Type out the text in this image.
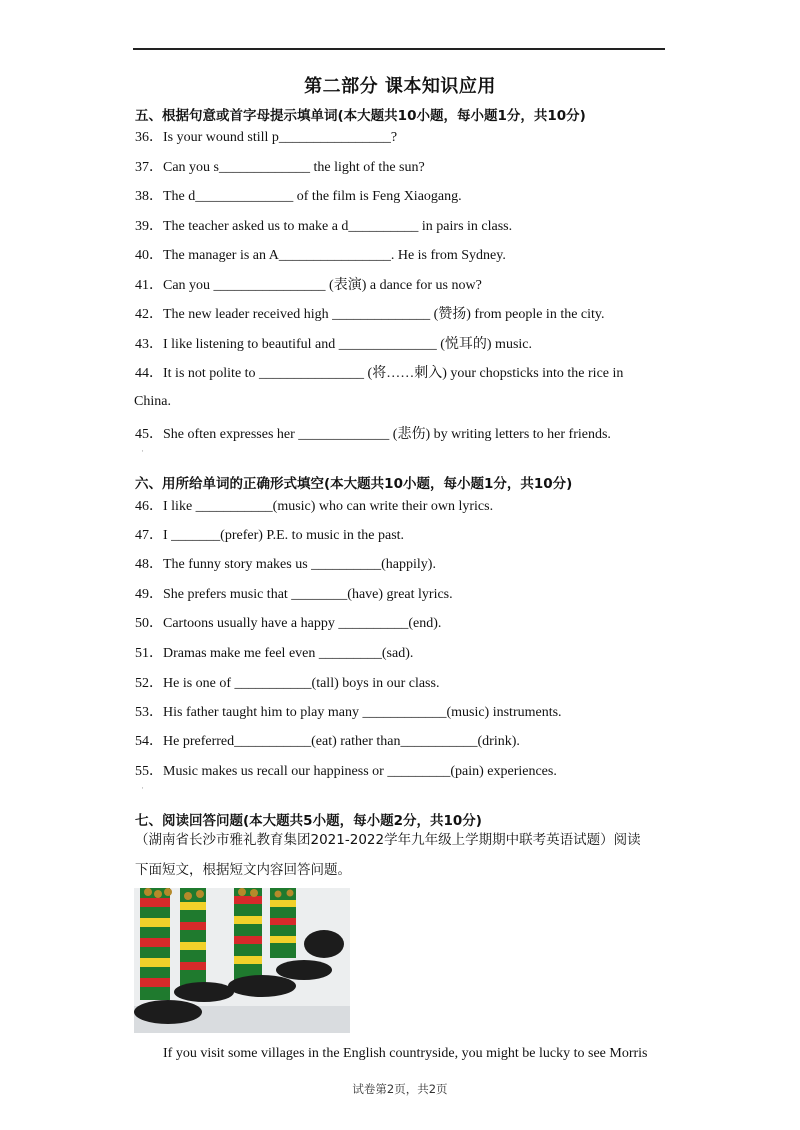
第二部分 课本知识应用
五、根据句意或首字母提示填单词(本大题共10小题，每小题1分，共10分)
36．Is your wound still p________________?
37．Can you s_____________ the light of the sun?
38．The d______________ of the film is Feng Xiaogang.
39．The teacher asked us to make a d__________ in pairs in class.
40．The manager is an A________________. He is from Sydney.
41．Can you ________________ (表演) a dance for us now?
42．The new leader received high ______________ (赞扬) from people in the city.
43．I like listening to beautiful and ______________ (悦耳的) music.
44．It is not polite to _______________ (将……刺入) your chopsticks into the rice in
China.
45．She often expresses her _____________ (悲伤) by writing letters to her friends.
·
六、用所给单词的正确形式填空(本大题共10小题，每小题1分，共10分)
46．I like ___________(music) who can write their own lyrics.
47．I _______(prefer) P.E. to music in the past.
48．The funny story makes us __________(happily).
49．She prefers music that ________(have) great lyrics.
50．Cartoons usually have a happy __________(end).
51．Dramas make me feel even _________(sad).
52．He is one of ___________(tall) boys in our class.
53．His father taught him to play many ____________(music) instruments.
54．He preferred___________(eat) rather than___________(drink).
55．Music makes us recall our happiness or _________(pain) experiences.
·
七、阅读回答问题(本大题共5小题，每小题2分，共10分)
（湖南省长沙市雅礼教育集团2021-2022学年九年级上学期期中联考英语试题）阅读
下面短文，根据短文内容回答问题。
If you visit some villages in the English countryside, you might be lucky to see Morris
试卷第2页，共2页
